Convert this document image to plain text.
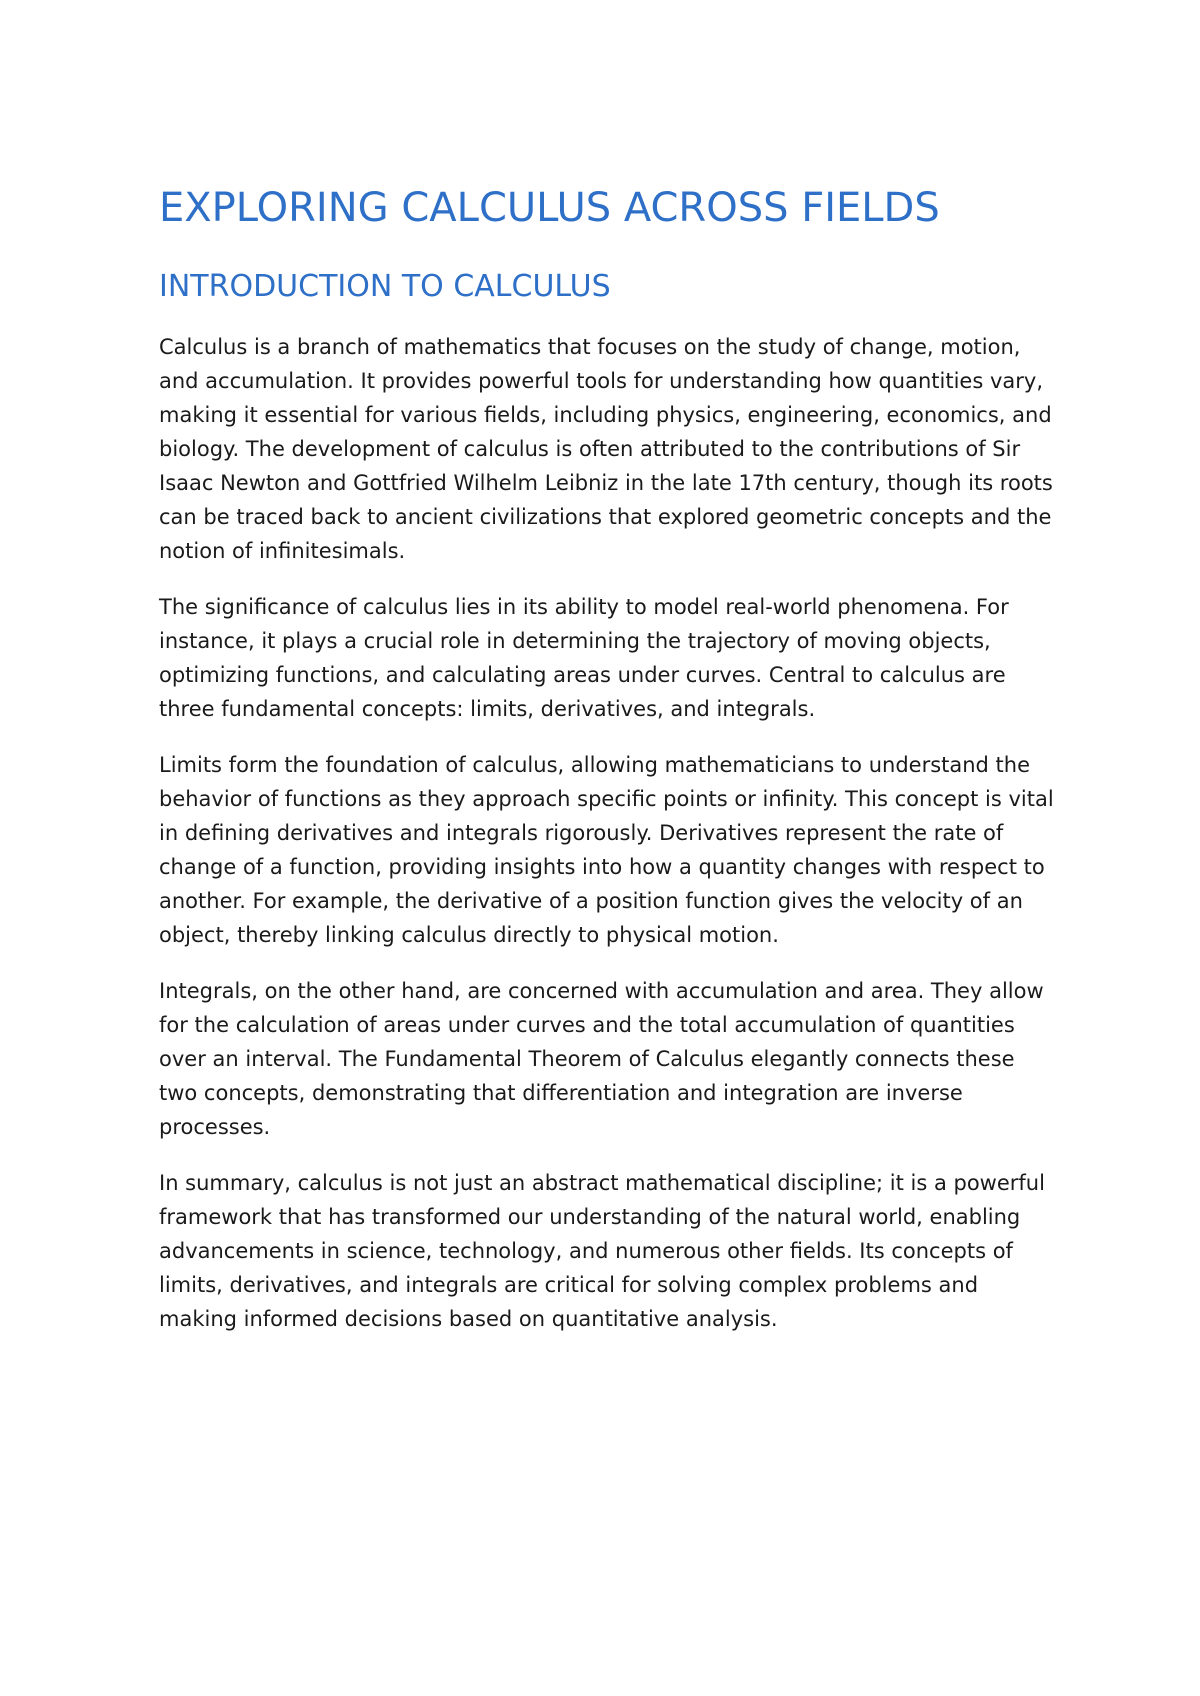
EXPLORING CALCULUS ACROSS FIELDS
INTRODUCTION TO CALCULUS

Calculus is a branch of mathematics that focuses on the study of change, motion, and accumulation. It provides powerful tools for understanding how quantities vary, making it essential for various fields, including physics, engineering, economics, and biology. The development of calculus is often attributed to the contributions of Sir Isaac Newton and Gottfried Wilhelm Leibniz in the late 17th century, though its roots can be traced back to ancient civilizations that explored geometric concepts and the notion of infinitesimals.

The significance of calculus lies in its ability to model real-world phenomena. For instance, it plays a crucial role in determining the trajectory of moving objects, optimizing functions, and calculating areas under curves. Central to calculus are three fundamental concepts: limits, derivatives, and integrals.

Limits form the foundation of calculus, allowing mathematicians to understand the behavior of functions as they approach specific points or infinity. This concept is vital in defining derivatives and integrals rigorously. Derivatives represent the rate of change of a function, providing insights into how a quantity changes with respect to another. For example, the derivative of a position function gives the velocity of an object, thereby linking calculus directly to physical motion.

Integrals, on the other hand, are concerned with accumulation and area. They allow for the calculation of areas under curves and the total accumulation of quantities over an interval. The Fundamental Theorem of Calculus elegantly connects these two concepts, demonstrating that differentiation and integration are inverse processes.

In summary, calculus is not just an abstract mathematical discipline; it is a powerful framework that has transformed our understanding of the natural world, enabling advancements in science, technology, and numerous other fields. Its concepts of limits, derivatives, and integrals are critical for solving complex problems and making informed decisions based on quantitative analysis.
